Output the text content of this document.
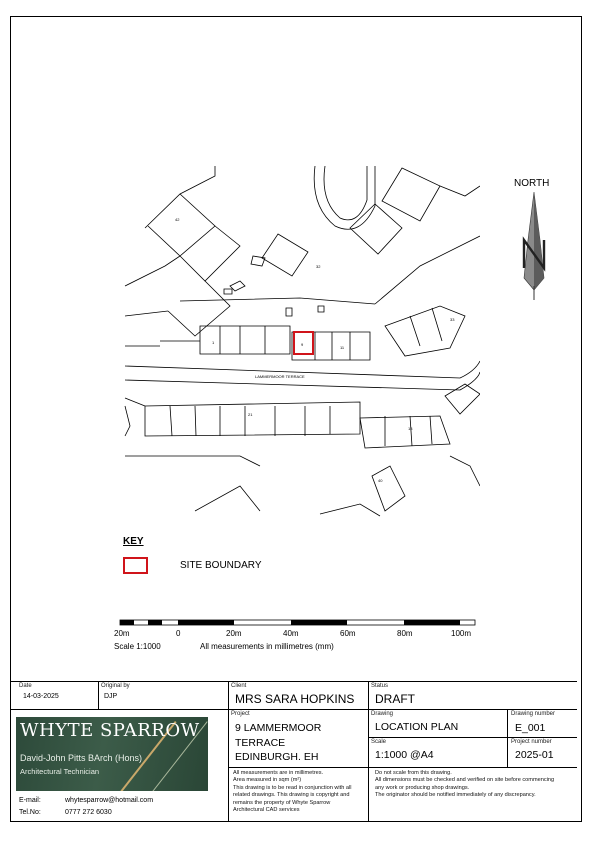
LAMMERMOOR TERRACE
1	9
11
21
33
18
40
42
32
NORTH
KEY
SITE BOUNDARY
20m	0	20m	40m	60m	80m	100m
Scale 1:1000	All measurements in millimetres (mm)
Date
14-03-2025
Original by
DJP
Client
MRS SARA HOPKINS
Status
DRAFT
Project
9 LAMMERMOOR
TERRACE
EDINBURGH. EH
Drawing
LOCATION PLAN
Drawing number
E_001
Scale
1:1000 @A4
Project number
2025-01
All measurements are in millimetres.
Area measured in sqm (m²)
This drawing is to be read in conjunction with all
related drawings. This drawing is copyright and
remains the property of Whyte Sparrow
Architectural CAD services
Do not scale from this drawing.
All dimensions must be checked and verified on site before commencing
any work or producing shop drawings.
The originator should be notified immediately of any discrepancy.
WHYTE SPARROW
David-John Pitts BArch (Hons)
Architectural Technician
E-mail:	whytesparrow@hotmail.com
Tel.No:	0777 272 6030
